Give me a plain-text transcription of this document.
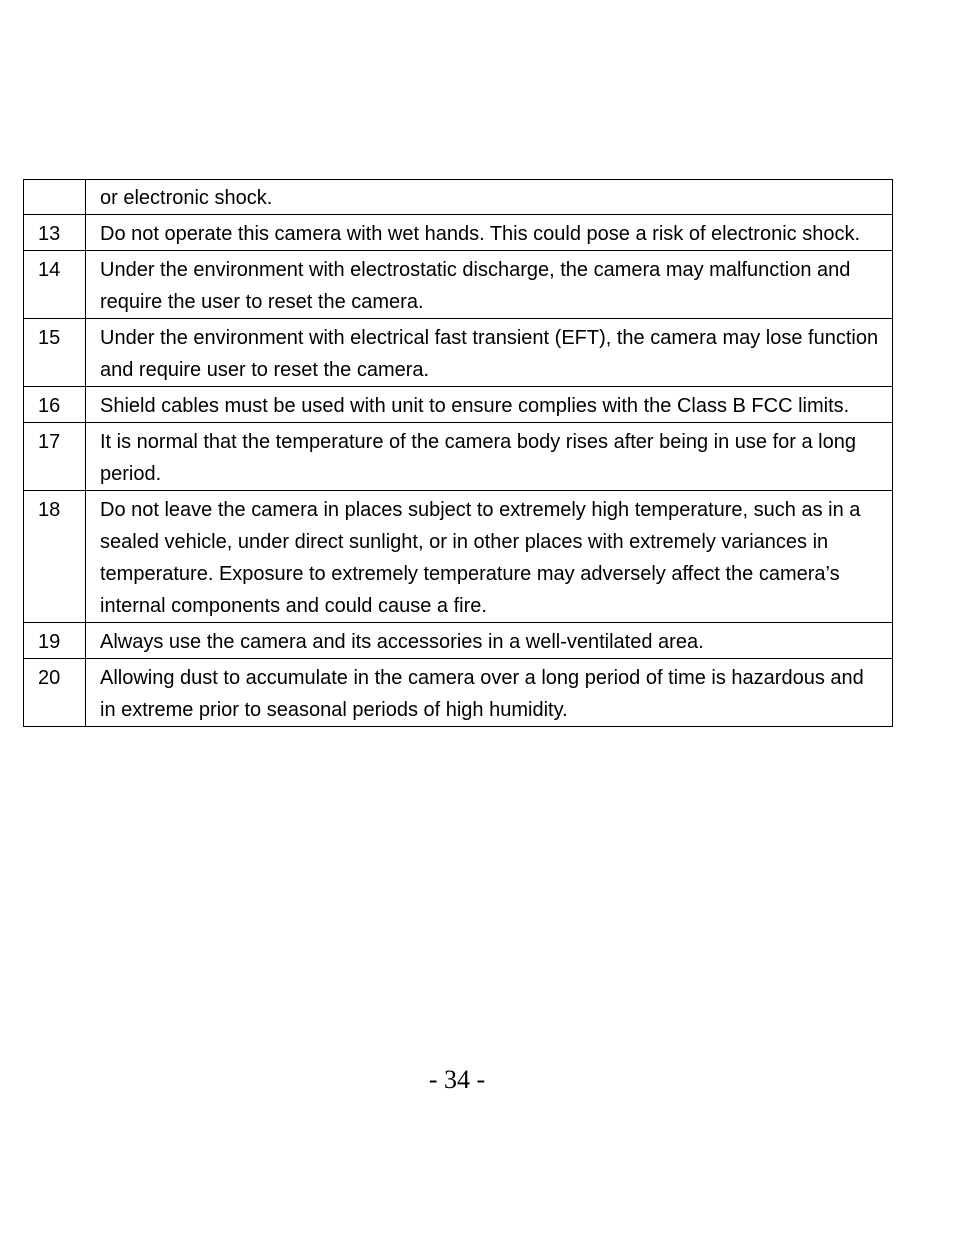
	or electronic shock.
13	Do not operate this camera with wet hands. This could pose a risk of electronic shock.
14	Under the environment with electrostatic discharge, the camera may malfunction and require the user to reset the camera.
15	Under the environment with electrical fast transient (EFT), the camera may lose function and require user to reset the camera.
16	Shield cables must be used with unit to ensure complies with the Class B FCC limits.
17	It is normal that the temperature of the camera body rises after being in use for a long period.
18	Do not leave the camera in places subject to extremely high temperature, such as in a sealed vehicle, under direct sunlight, or in other places with extremely variances in temperature. Exposure to extremely temperature may adversely affect the camera’s internal components and could cause a fire.
19	Always use the camera and its accessories in a well-ventilated area.
20	Allowing dust to accumulate in the camera over a long period of time is hazardous and in extreme prior to seasonal periods of high humidity.
- 34 -
